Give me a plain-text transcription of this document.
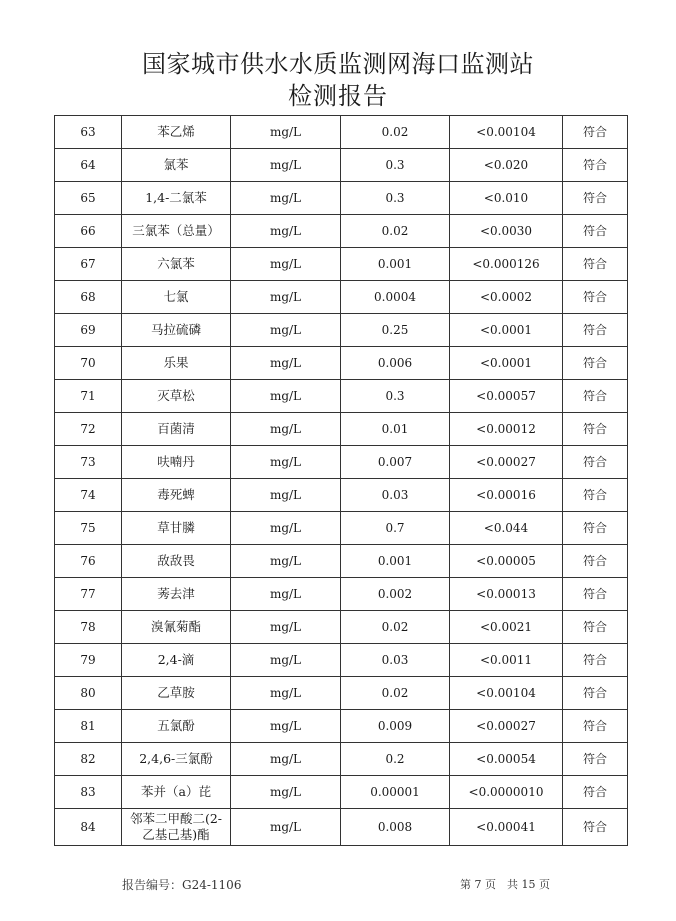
国家城市供水水质监测网海口监测站
检测报告
63	苯乙烯	mg/L	0.02	<0.00104	符合
64	氯苯	mg/L	0.3	<0.020	符合
65	1,4-二氯苯	mg/L	0.3	<0.010	符合
66	三氯苯（总量）	mg/L	0.02	<0.0030	符合
67	六氯苯	mg/L	0.001	<0.000126	符合
68	七氯	mg/L	0.0004	<0.0002	符合
69	马拉硫磷	mg/L	0.25	<0.0001	符合
70	乐果	mg/L	0.006	<0.0001	符合
71	灭草松	mg/L	0.3	<0.00057	符合
72	百菌清	mg/L	0.01	<0.00012	符合
73	呋喃丹	mg/L	0.007	<0.00027	符合
74	毒死蜱	mg/L	0.03	<0.00016	符合
75	草甘膦	mg/L	0.7	<0.044	符合
76	敌敌畏	mg/L	0.001	<0.00005	符合
77	莠去津	mg/L	0.002	<0.00013	符合
78	溴氰菊酯	mg/L	0.02	<0.0021	符合
79	2,4-滴	mg/L	0.03	<0.0011	符合
80	乙草胺	mg/L	0.02	<0.00104	符合
81	五氯酚	mg/L	0.009	<0.00027	符合
82	2,4,6-三氯酚	mg/L	0.2	<0.00054	符合
83	苯并（a）芘	mg/L	0.00001	<0.0000010	符合
84	邻苯二甲酸二(2-乙基己基)酯	mg/L	0.008	<0.00041	符合
报告编号：G24-1106	第 7 页　共 15 页
